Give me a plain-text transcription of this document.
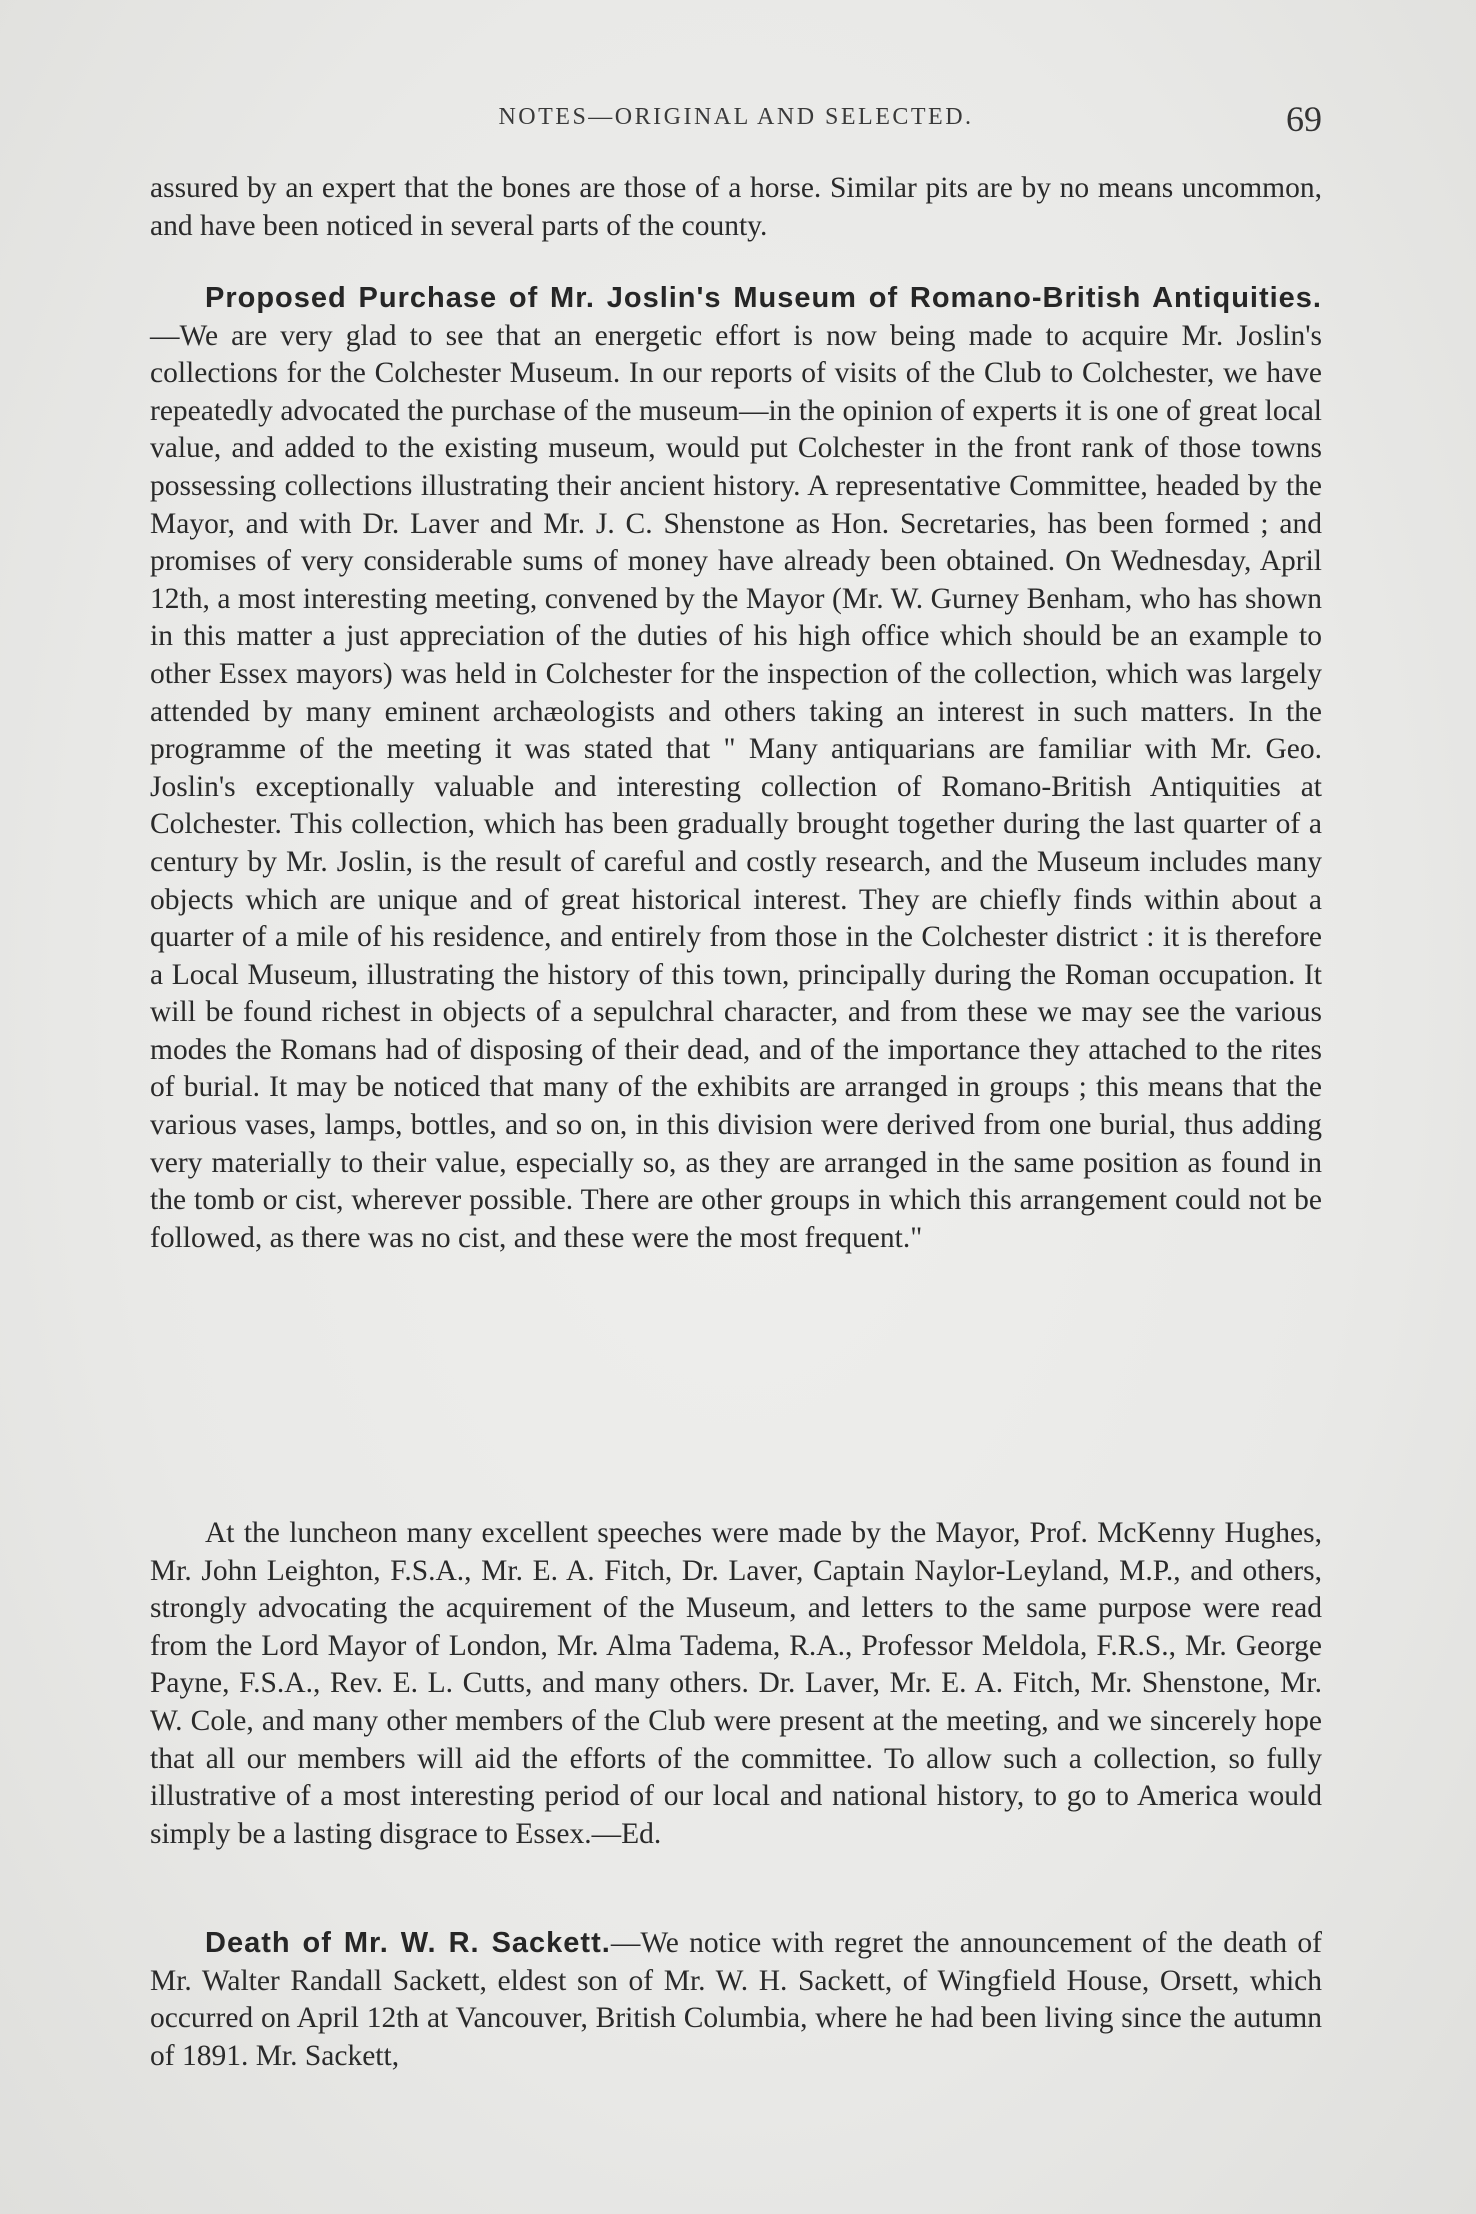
NOTES—ORIGINAL AND SELECTED.	69

assured by an expert that the bones are those of a horse. Similar pits are by no means uncommon, and have been noticed in several parts of the county.

Proposed Purchase of Mr. Joslin's Museum of Romano-British Antiquities.—We are very glad to see that an energetic effort is now being made to acquire Mr. Joslin's collections for the Colchester Museum. In our reports of visits of the Club to Colchester, we have repeatedly advocated the purchase of the museum—in the opinion of experts it is one of great local value, and added to the existing museum, would put Colchester in the front rank of those towns possessing collections illustrating their ancient history. A representative Committee, headed by the Mayor, and with Dr. Laver and Mr. J. C. Shenstone as Hon. Secretaries, has been formed ; and promises of very considerable sums of money have already been obtained. On Wednesday, April 12th, a most interesting meeting, convened by the Mayor (Mr. W. Gurney Benham, who has shown in this matter a just appreciation of the duties of his high office which should be an example to other Essex mayors) was held in Colchester for the inspection of the collection, which was largely attended by many eminent archæologists and others taking an interest in such matters. In the programme of the meeting it was stated that " Many antiquarians are familiar with Mr. Geo. Joslin's exceptionally valuable and interesting collection of Romano-British Antiquities at Colchester. This collection, which has been gradually brought together during the last quarter of a century by Mr. Joslin, is the result of careful and costly research, and the Museum includes many objects which are unique and of great historical interest. They are chiefly finds within about a quarter of a mile of his residence, and entirely from those in the Colchester district : it is therefore a Local Museum, illustrating the history of this town, principally during the Roman occupation. It will be found richest in objects of a sepulchral character, and from these we may see the various modes the Romans had of disposing of their dead, and of the importance they attached to the rites of burial. It may be noticed that many of the exhibits are arranged in groups ; this means that the various vases, lamps, bottles, and so on, in this division were derived from one burial, thus adding very materially to their value, especially so, as they are arranged in the same position as found in the tomb or cist, wherever possible. There are other groups in which this arrangement could not be followed, as there was no cist, and these were the most frequent."

At the luncheon many excellent speeches were made by the Mayor, Prof. McKenny Hughes, Mr. John Leighton, F.S.A., Mr. E. A. Fitch, Dr. Laver, Captain Naylor-Leyland, M.P., and others, strongly advocating the acquirement of the Museum, and letters to the same purpose were read from the Lord Mayor of London, Mr. Alma Tadema, R.A., Professor Meldola, F.R.S., Mr. George Payne, F.S.A., Rev. E. L. Cutts, and many others. Dr. Laver, Mr. E. A. Fitch, Mr. Shenstone, Mr. W. Cole, and many other members of the Club were present at the meeting, and we sincerely hope that all our members will aid the efforts of the committee. To allow such a collection, so fully illustrative of a most interesting period of our local and national history, to go to America would simply be a lasting disgrace to Essex.—Ed.

Death of Mr. W. R. Sackett.—We notice with regret the announcement of the death of Mr. Walter Randall Sackett, eldest son of Mr. W. H. Sackett, of Wingfield House, Orsett, which occurred on April 12th at Vancouver, British Columbia, where he had been living since the autumn of 1891. Mr. Sackett,
